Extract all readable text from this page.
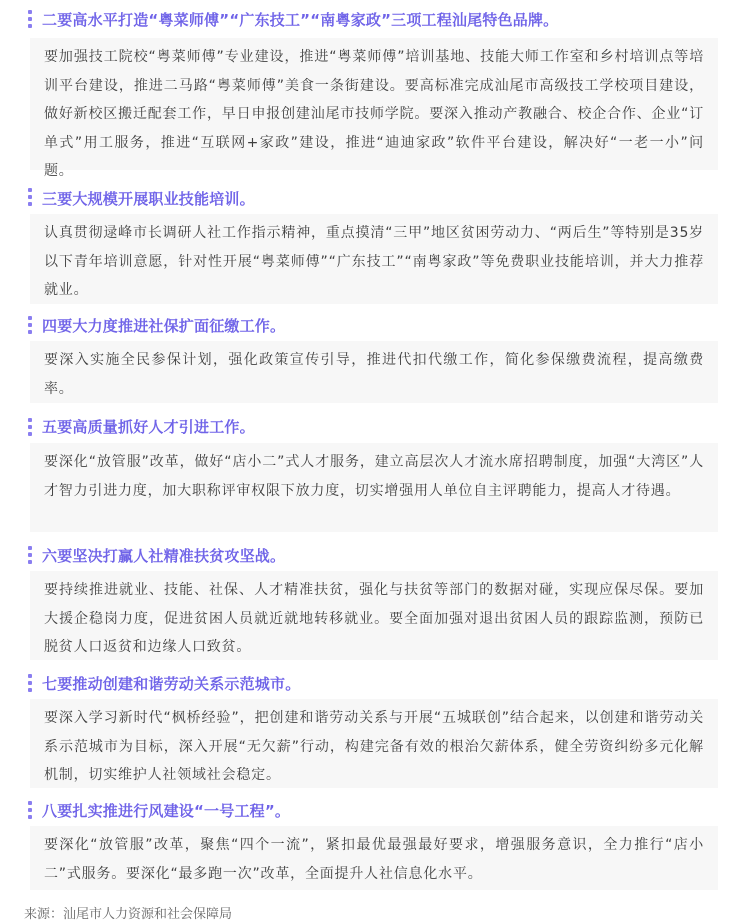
二要高水平打造“粤菜师傅”“广东技工”“南粤家政”三项工程汕尾特色品牌。

要加强技工院校“粤菜师傅”专业建设，推进“粤菜师傅”培训基地、技能大师工作室和乡村培训点等培训平台建设，推进二马路“粤菜师傅”美食一条街建设。要高标准完成汕尾市高级技工学校项目建设，做好新校区搬迁配套工作，早日申报创建汕尾市技师学院。要深入推动产教融合、校企合作、企业“订单式”用工服务，推进“互联网+家政”建设，推进“迪迪家政”软件平台建设，解决好“一老一小”问题。

三要大规模开展职业技能培训。

认真贯彻逯峰市长调研人社工作指示精神，重点摸清“三甲”地区贫困劳动力、“两后生”等特别是35岁以下青年培训意愿，针对性开展“粤菜师傅”“广东技工”“南粤家政”等免费职业技能培训，并大力推荐就业。

四要大力度推进社保扩面征缴工作。

要深入实施全民参保计划，强化政策宣传引导，推进代扣代缴工作，简化参保缴费流程，提高缴费率。

五要高质量抓好人才引进工作。

要深化“放管服”改革，做好“店小二”式人才服务，建立高层次人才流水席招聘制度，加强“大湾区”人才智力引进力度，加大职称评审权限下放力度，切实增强用人单位自主评聘能力，提高人才待遇。

六要坚决打赢人社精准扶贫攻坚战。

要持续推进就业、技能、社保、人才精准扶贫，强化与扶贫等部门的数据对碰，实现应保尽保。要加大援企稳岗力度，促进贫困人员就近就地转移就业。要全面加强对退出贫困人员的跟踪监测，预防已脱贫人口返贫和边缘人口致贫。

七要推动创建和谐劳动关系示范城市。

要深入学习新时代“枫桥经验”，把创建和谐劳动关系与开展“五城联创”结合起来，以创建和谐劳动关系示范城市为目标，深入开展“无欠薪”行动，构建完备有效的根治欠薪体系，健全劳资纠纷多元化解机制，切实维护人社领域社会稳定。

八要扎实推进行风建设“一号工程”。

要深化“放管服”改革，聚焦“四个一流”，紧扣最优最强最好要求，增强服务意识，全力推行“店小二”式服务。要深化“最多跑一次”改革，全面提升人社信息化水平。

来源：汕尾市人力资源和社会保障局
